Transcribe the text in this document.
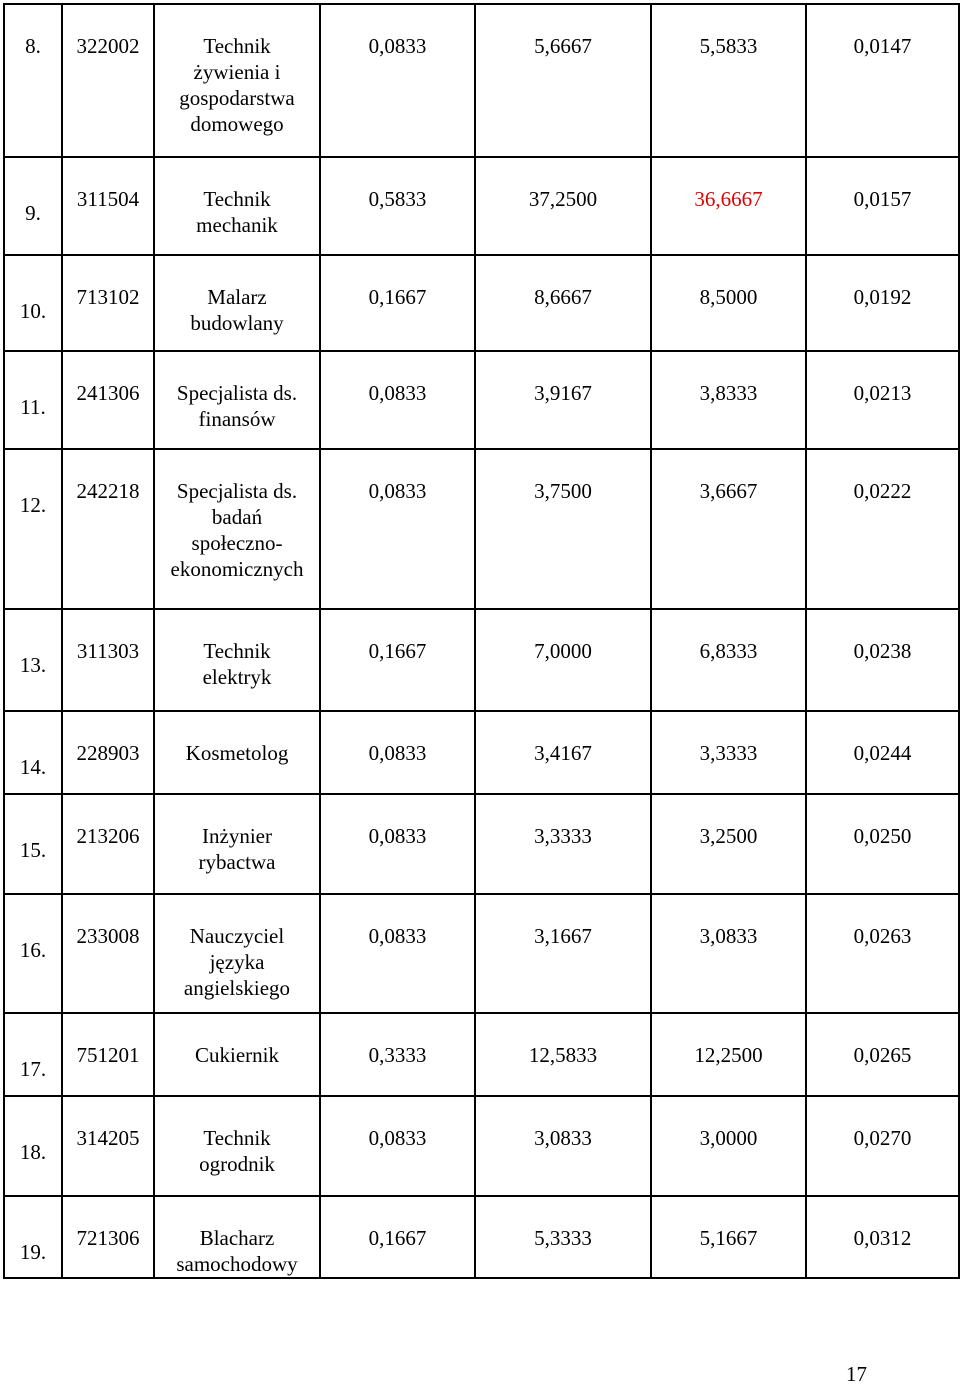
8.	322002	Technik żywienia i gospodarstwa domowego	0,0833	5,6667	5,5833	0,0147

9.	311504	Technik mechanik	0,5833	37,2500	36,6667	0,0157

10.	713102	Malarz budowlany	0,1667	8,6667	8,5000	0,0192

11.	241306	Specjalista ds. finansów	0,0833	3,9167	3,8333	0,0213

12.	242218	Specjalista ds. badań społeczno-ekonomicznych	0,0833	3,7500	3,6667	0,0222

13.	311303	Technik elektryk	0,1667	7,0000	6,8333	0,0238

14.	228903	Kosmetolog	0,0833	3,4167	3,3333	0,0244

15.	213206	Inżynier rybactwa	0,0833	3,3333	3,2500	0,0250

16.	233008	Nauczyciel języka angielskiego	0,0833	3,1667	3,0833	0,0263

17.	751201	Cukiernik	0,3333	12,5833	12,2500	0,0265

18.	314205	Technik ogrodnik	0,0833	3,0833	3,0000	0,0270

19.	721306	Blacharz samochodowy	0,1667	5,3333	5,1667	0,0312
17
